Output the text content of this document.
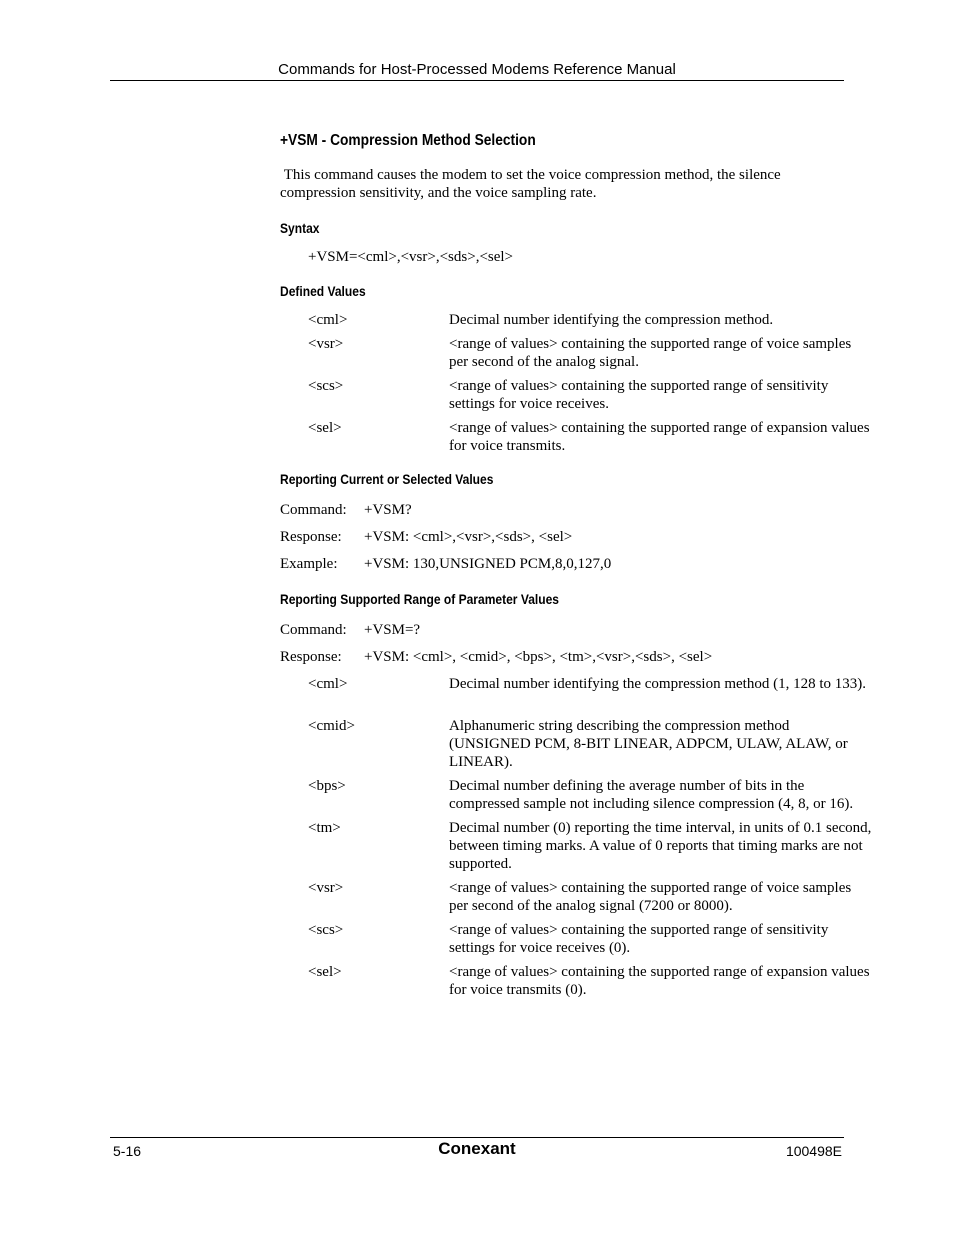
Commands for Host-Processed Modems Reference Manual
+VSM - Compression Method Selection
This command causes the modem to set the voice compression method, the silence compression sensitivity, and the voice sampling rate.
Syntax
+VSM=<cml>,<vsr>,<sds>,<sel>
Defined Values
<cml>	Decimal number identifying the compression method.
<vsr>	<range of values> containing the supported range of voice samples per second of the analog signal.
<scs>	<range of values> containing the supported range of sensitivity settings for voice receives.
<sel>	<range of values> containing the supported range of expansion values for voice transmits.
Reporting Current or Selected Values
Command: +VSM?
Response: +VSM: <cml>,<vsr>,<sds>, <sel>
Example: +VSM: 130,UNSIGNED PCM,8,0,127,0
Reporting Supported Range of Parameter Values
Command: +VSM=?
Response: +VSM: <cml>, <cmid>, <bps>, <tm>,<vsr>,<sds>, <sel>
<cml>	Decimal number identifying the compression method (1, 128 to 133).
<cmid>	Alphanumeric string describing the compression method (UNSIGNED PCM, 8-BIT LINEAR, ADPCM, ULAW, ALAW, or LINEAR).
<bps>	Decimal number defining the average number of bits in the compressed sample not including silence compression (4, 8, or 16).
<tm>	Decimal number (0) reporting the time interval, in units of 0.1 second, between timing marks. A value of 0 reports that timing marks are not supported.
<vsr>	<range of values> containing the supported range of voice samples per second of the analog signal (7200 or 8000).
<scs>	<range of values> containing the supported range of sensitivity settings for voice receives (0).
<sel>	<range of values> containing the supported range of expansion values for voice transmits (0).
5-16	Conexant	100498E
